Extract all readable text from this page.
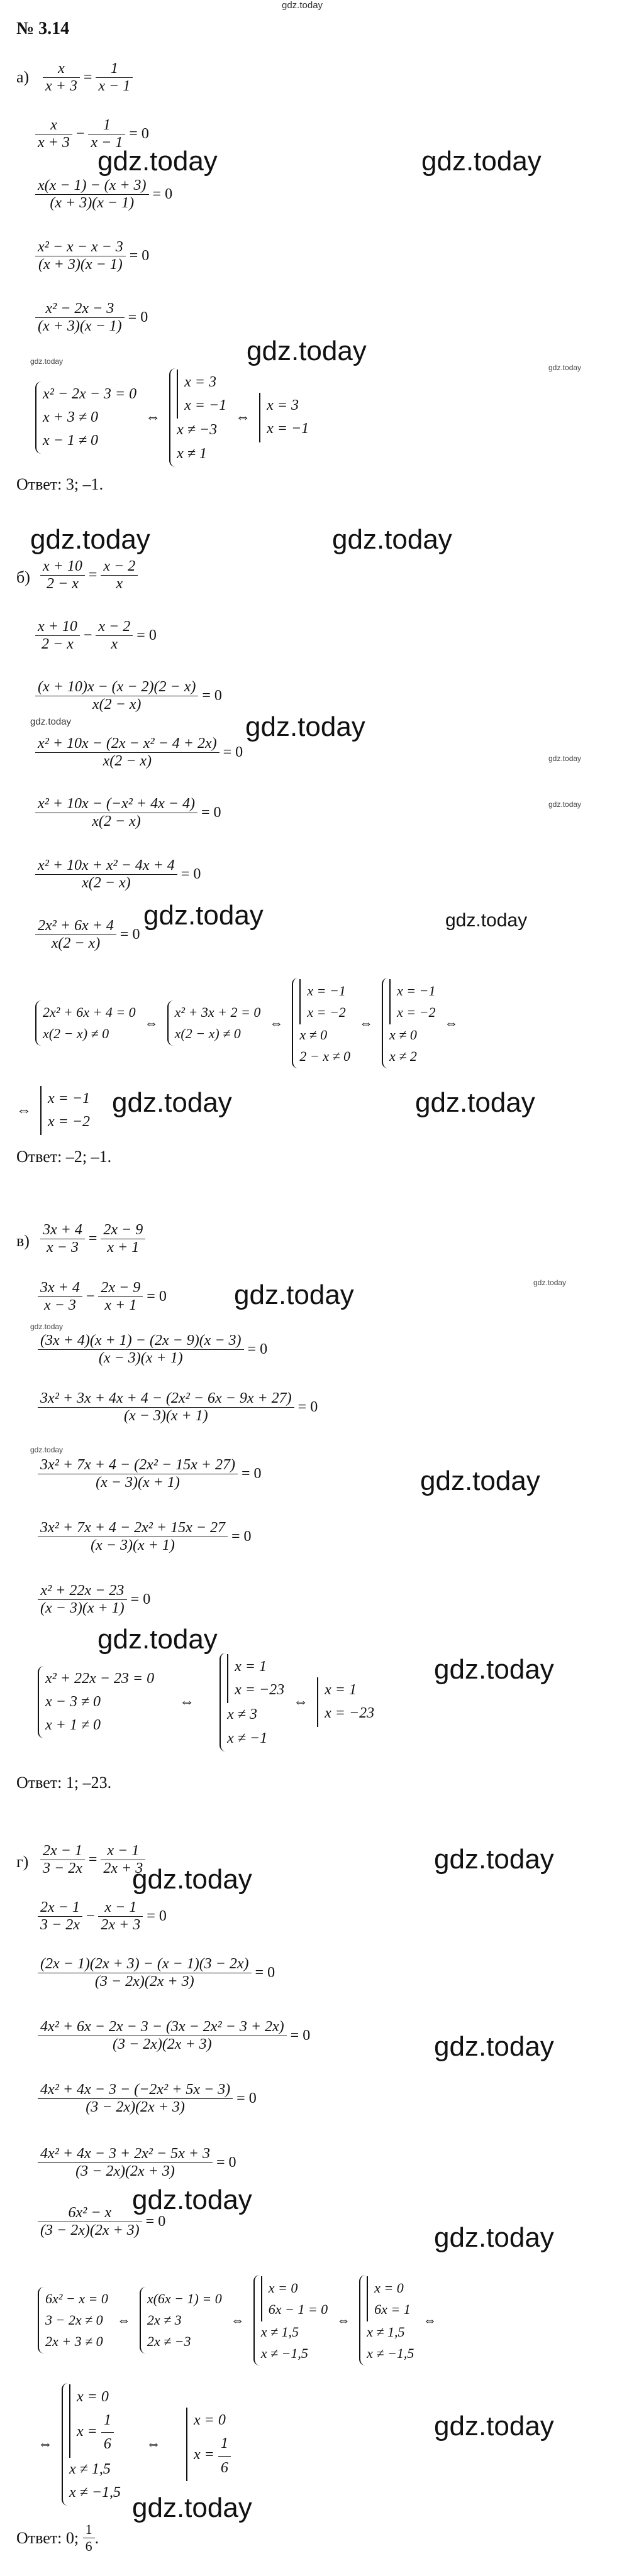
gdz.today
gdz.today	gdz.today
gdz.today
gdz.today
gdz.today
gdz.today	gdz.today
gdz.today	gdz.today
gdz.today
gdz.today
gdz.today	gdz.today
gdz.today	gdz.today
gdz.today
gdz.today
gdz.today
gdz.today
gdz.today
gdz.today
gdz.today
gdz.today
gdz.today
gdz.today
gdz.today
gdz.today
gdz.today
gdz.today
№ 3.14
$а) \frac{x}{x + 3} = \frac{1}{x - 1}$
$\frac{x}{x + 3} - \frac{1}{x - 1} = 0$
$\frac{x(x - 1) - (x + 3)}{(x + 3)(x - 1)} = 0$
$\frac{\text{x² − x − x − 3}}{(x + 3)(x - 1)} = 0$
$\frac{\text{x² − 2x − 3}}{(x + 3)(x - 1)} = 0$
x² − 2x − 3 = 0
x + 3 ≠ 0
x − 1 ≠ 0
⇔
x = 3
x = −1
x ≠ −3
x ≠ 1
⇔
x = 3
x = −1
Ответ: 3; –1.
$б) \frac{x + 10}{2 - x} = \frac{x - 2}{x}$
$\frac{x + 10}{2 - x} - \frac{x - 2}{x} = 0$
$\frac{(x + 10)x - (x - 2)(2 - x)}{x(2 - x)} = 0$
$\frac{\text{x² + 10x − (2x − x² − 4 + 2x)}}{x(2 - x)} = 0$
$\frac{\text{x² + 10x − (−x² + 4x − 4)}}{x(2 - x)} = 0$
$\frac{\text{x² + 10x + x² − 4x + 4}}{x(2 - x)} = 0$
$\frac{\text{2x² + 6x + 4}}{x(2 - x)} = 0$
2x² + 6x + 4 = 0
x(2 − x) ≠ 0
⇔
x² + 3x + 2 = 0
x(2 − x) ≠ 0
⇔
x = −1
x = −2
x ≠ 0
2 − x ≠ 0
⇔
x = −1
x = −2
x ≠ 0
x ≠ 2
⇔
⇔
x = −1
x = −2
Ответ: –2; –1.
$в) \frac{3x + 4}{x - 3} = \frac{2x - 9}{x + 1}$
$\frac{3x + 4}{x - 3} - \frac{2x - 9}{x + 1} = 0$
$\frac{(3x + 4)(x + 1) - (2x - 9)(x - 3)}{(x - 3)(x + 1)} = 0$
$\frac{\text{3x² + 3x + 4x + 4 − (2x² − 6x − 9x + 27)}}{(x - 3)(x + 1)} = 0$
$\frac{\text{3x² + 7x + 4 − (2x² − 15x + 27)}}{(x - 3)(x + 1)} = 0$
$\frac{\text{3x² + 7x + 4 − 2x² + 15x − 27}}{(x - 3)(x + 1)} = 0$
$\frac{\text{x² + 22x − 23}}{(x - 3)(x + 1)} = 0$
x² + 22x − 23 = 0
x − 3 ≠ 0
x + 1 ≠ 0
⇔
x = 1
x = −23
x ≠ 3
x ≠ −1
⇔
x = 1
x = −23
Ответ: 1; –23.
$г) \frac{2x - 1}{3 - 2x} = \frac{x - 1}{2x + 3}$
$\frac{2x - 1}{3 - 2x} - \frac{x - 1}{2x + 3} = 0$
$\frac{(2x - 1)(2x + 3) - (x - 1)(3 - 2x)}{(3 - 2x)(2x + 3)} = 0$
$\frac{\text{4x² + 6x − 2x − 3 − (3x − 2x² − 3 + 2x)}}{(3 - 2x)(2x + 3)} = 0$
$\frac{\text{4x² + 4x − 3 − (−2x² + 5x − 3)}}{(3 - 2x)(2x + 3)} = 0$
$\frac{\text{4x² + 4x − 3 + 2x² − 5x + 3}}{(3 - 2x)(2x + 3)} = 0$
$\frac{\text{6x² − x}}{(3 - 2x)(2x + 3)} = 0$
6x² − x = 0
3 − 2x ≠ 0
2x + 3 ≠ 0
⇔
x(6x − 1) = 0
2x ≠ 3
2x ≠ −3
⇔
x = 0
6x − 1 = 0
x ≠ 1,5
x ≠ −1,5
⇔
x = 0
6x = 1
x ≠ 1,5
x ≠ −1,5
⇔
⇔
x = 0
$x = \frac{1}{6}$

x ≠ 1,5
x ≠ −1,5
⇔
x = 0
$x = \frac{1}{6}$
Ответ: 0;
$\frac{1}{6}$ .
